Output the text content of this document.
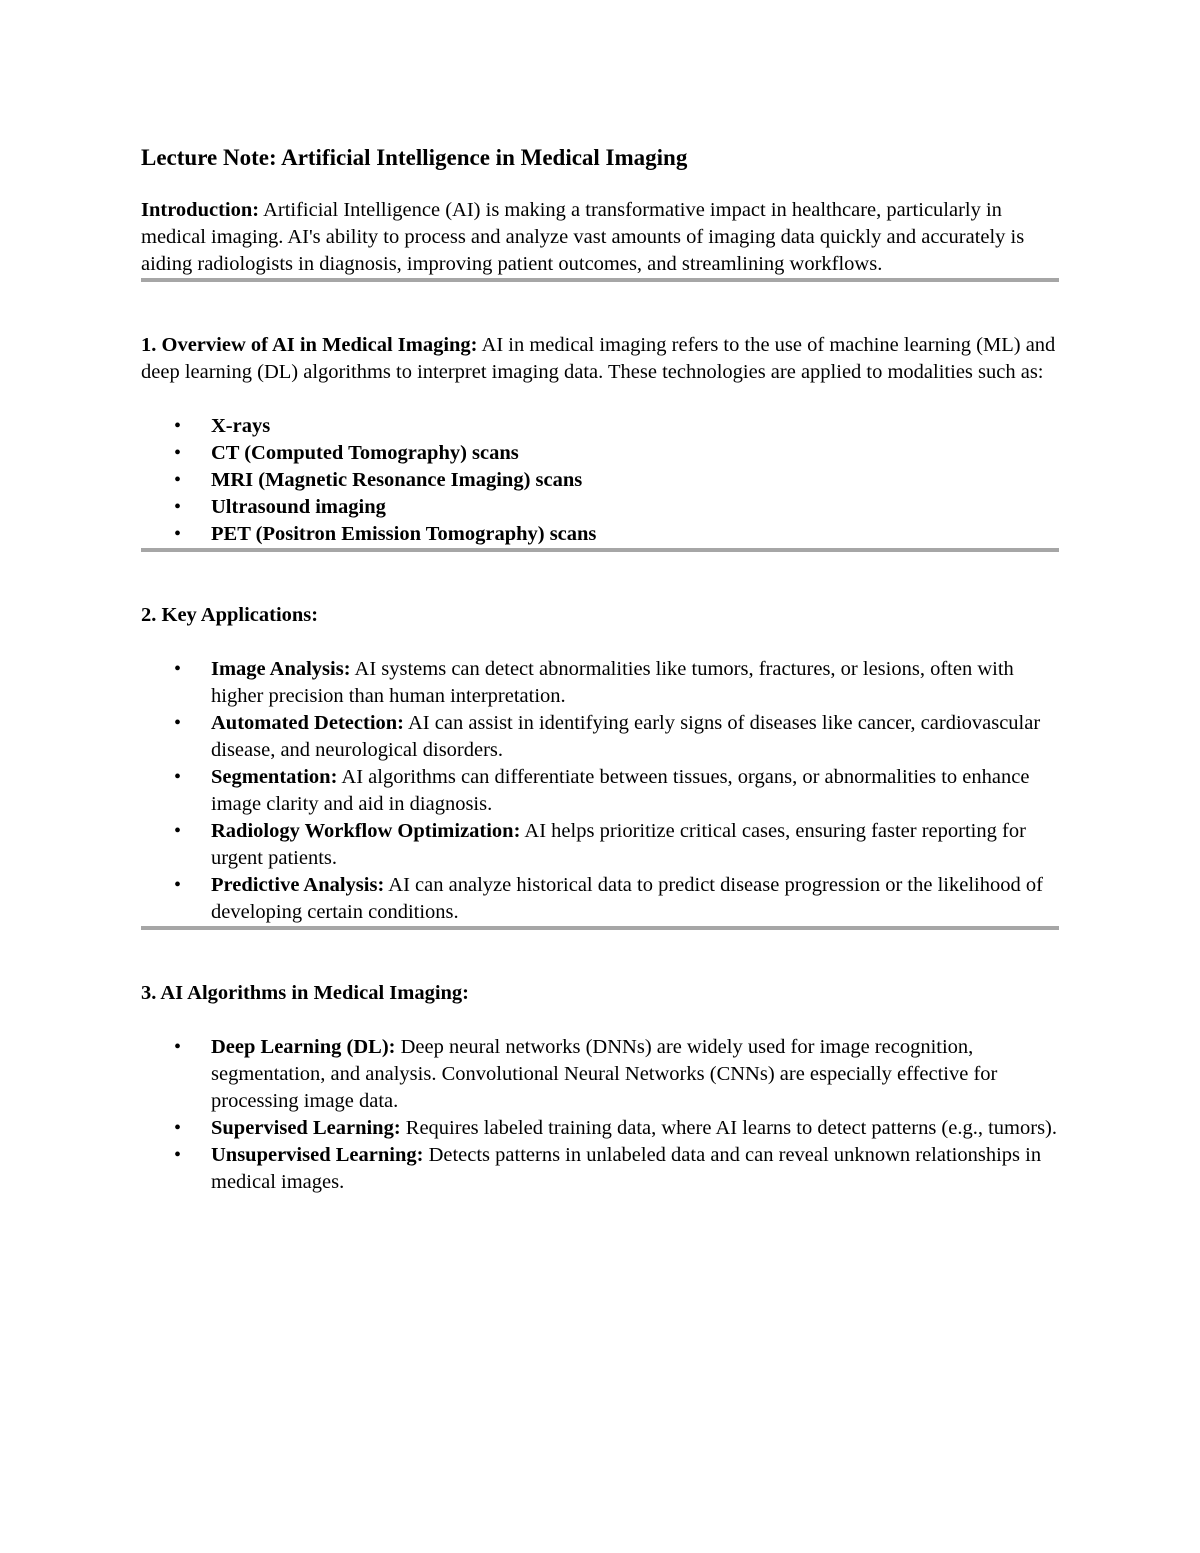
Lecture Note: Artificial Intelligence in Medical Imaging

Introduction: Artificial Intelligence (AI) is making a transformative impact in healthcare, particularly in medical imaging. AI's ability to process and analyze vast amounts of imaging data quickly and accurately is aiding radiologists in diagnosis, improving patient outcomes, and streamlining workflows.

1. Overview of AI in Medical Imaging: AI in medical imaging refers to the use of machine learning (ML) and deep learning (DL) algorithms to interpret imaging data. These technologies are applied to modalities such as:

• X-rays
• CT (Computed Tomography) scans
• MRI (Magnetic Resonance Imaging) scans
• Ultrasound imaging
• PET (Positron Emission Tomography) scans

2. Key Applications:

• Image Analysis: AI systems can detect abnormalities like tumors, fractures, or lesions, often with higher precision than human interpretation.
• Automated Detection: AI can assist in identifying early signs of diseases like cancer, cardiovascular disease, and neurological disorders.
• Segmentation: AI algorithms can differentiate between tissues, organs, or abnormalities to enhance image clarity and aid in diagnosis.
• Radiology Workflow Optimization: AI helps prioritize critical cases, ensuring faster reporting for urgent patients.
• Predictive Analysis: AI can analyze historical data to predict disease progression or the likelihood of developing certain conditions.

3. AI Algorithms in Medical Imaging:

• Deep Learning (DL): Deep neural networks (DNNs) are widely used for image recognition, segmentation, and analysis. Convolutional Neural Networks (CNNs) are especially effective for processing image data.
• Supervised Learning: Requires labeled training data, where AI learns to detect patterns (e.g., tumors).
• Unsupervised Learning: Detects patterns in unlabeled data and can reveal unknown relationships in medical images.
